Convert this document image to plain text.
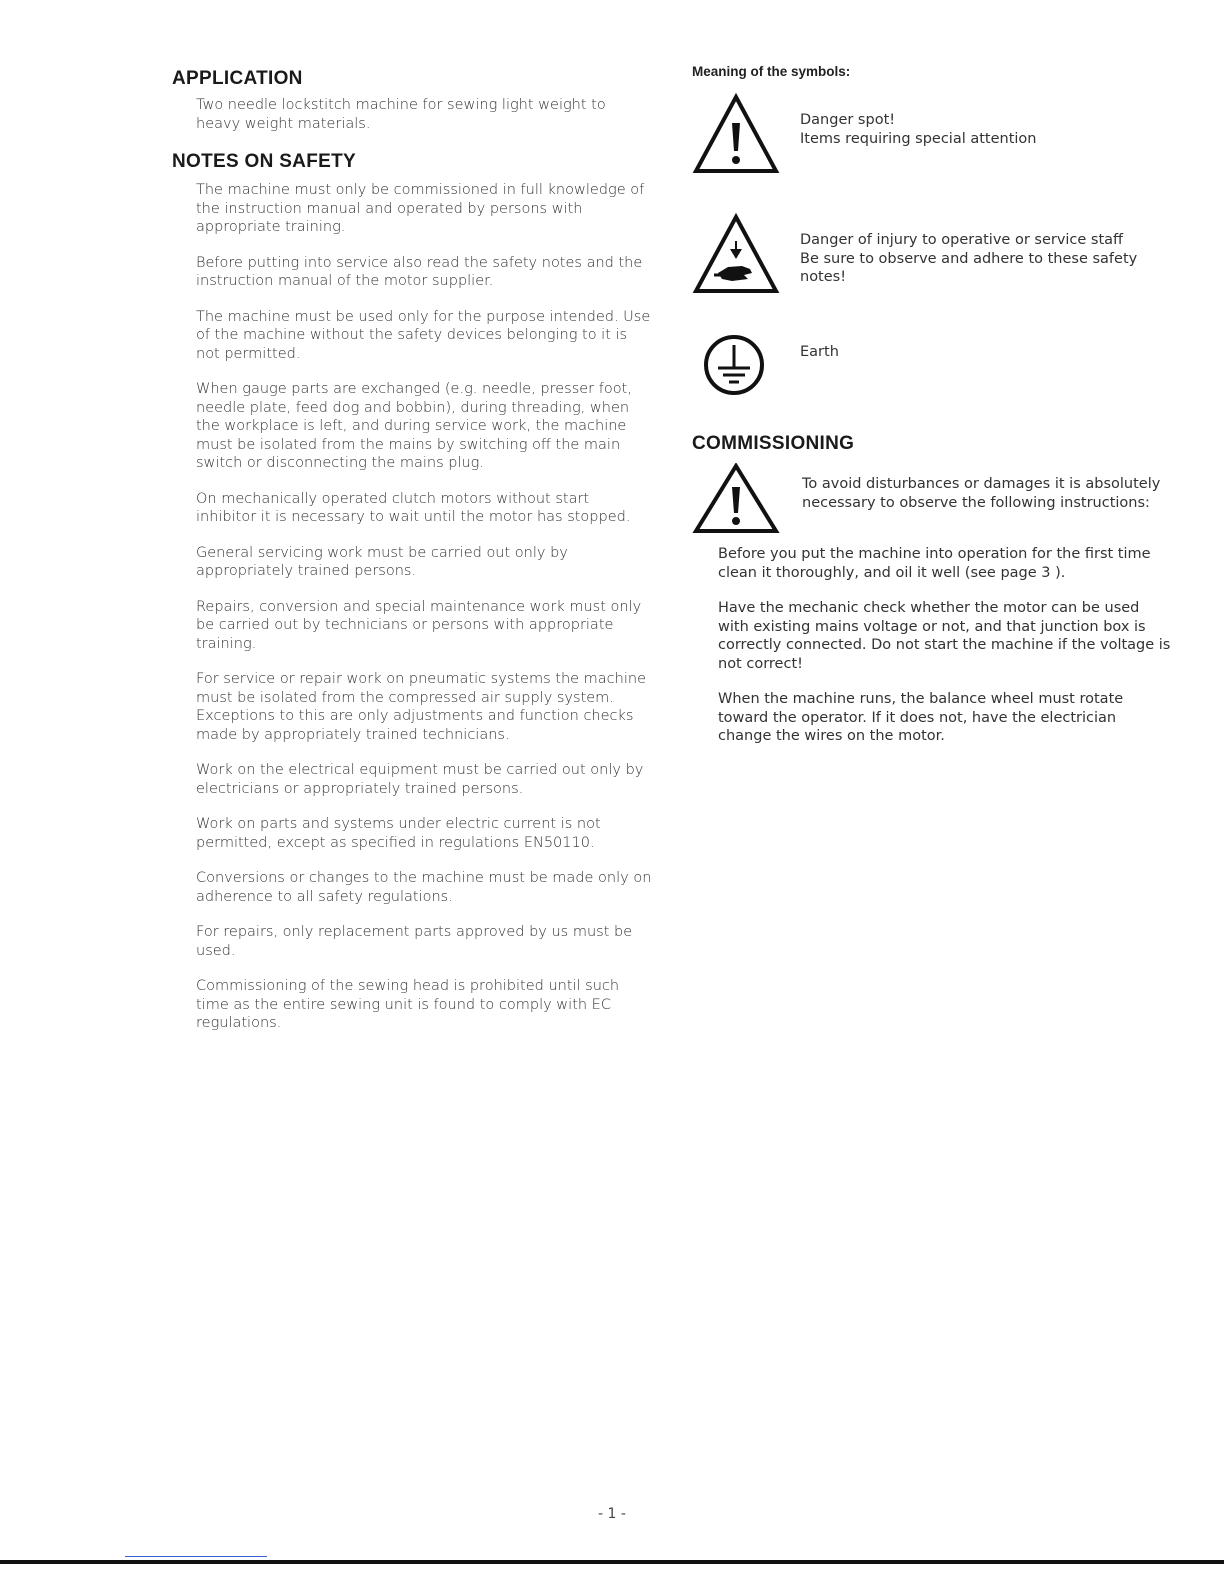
APPLICATION

Two needle lockstitch machine for sewing light weight to heavy weight materials.

NOTES ON SAFETY

The machine must only be commissioned in full knowledge of the instruction manual and operated by persons with appropriate training.

Before putting into service also read the safety notes and the instruction manual of the motor supplier.

The machine must be used only for the purpose intended. Use of the machine without the safety devices belonging to it is not permitted.

When gauge parts are exchanged (e.g. needle, presser foot, needle plate, feed dog and bobbin), during threading, when the workplace is left, and during service work, the machine must be isolated from the mains by switching off the main switch or disconnecting the mains plug.

On mechanically operated clutch motors without start inhibitor it is necessary to wait until the motor has stopped.

General servicing work must be carried out only by appropriately trained persons.

Repairs, conversion and special maintenance work must only be carried out by technicians or persons with appropriate training.

For service or repair work on pneumatic systems the machine must be isolated from the compressed air supply system. Exceptions to this are only adjustments and function checks made by appropriately trained technicians.

Work on the electrical equipment must be carried out only by electricians or appropriately trained persons.

Work on parts and systems under electric current is not permitted, except as specified in regulations EN50110.

Conversions or changes to the machine must be made only on adherence to all safety regulations.

For repairs, only replacement parts approved by us must be used.

Commissioning of the sewing head is prohibited until such time as the entire sewing unit is found to comply with EC regulations.

Meaning of the symbols:
Danger spot!
Items requiring special attention
Danger of injury to operative or service staff
Be sure to observe and adhere to these safety notes!
Earth
COMMISSIONING
To avoid disturbances or damages it is absolutely necessary to observe the following instructions:

Before you put the machine into operation for the first time clean it thoroughly, and oil it well (see page 3 ).

Have the mechanic check whether the motor can be used with existing mains voltage or not, and that junction box is correctly connected. Do not start the machine if the voltage is not correct!

When the machine runs, the balance wheel must rotate toward the operator. If it does not, have the electrician change the wires on the motor.

- 1 -
